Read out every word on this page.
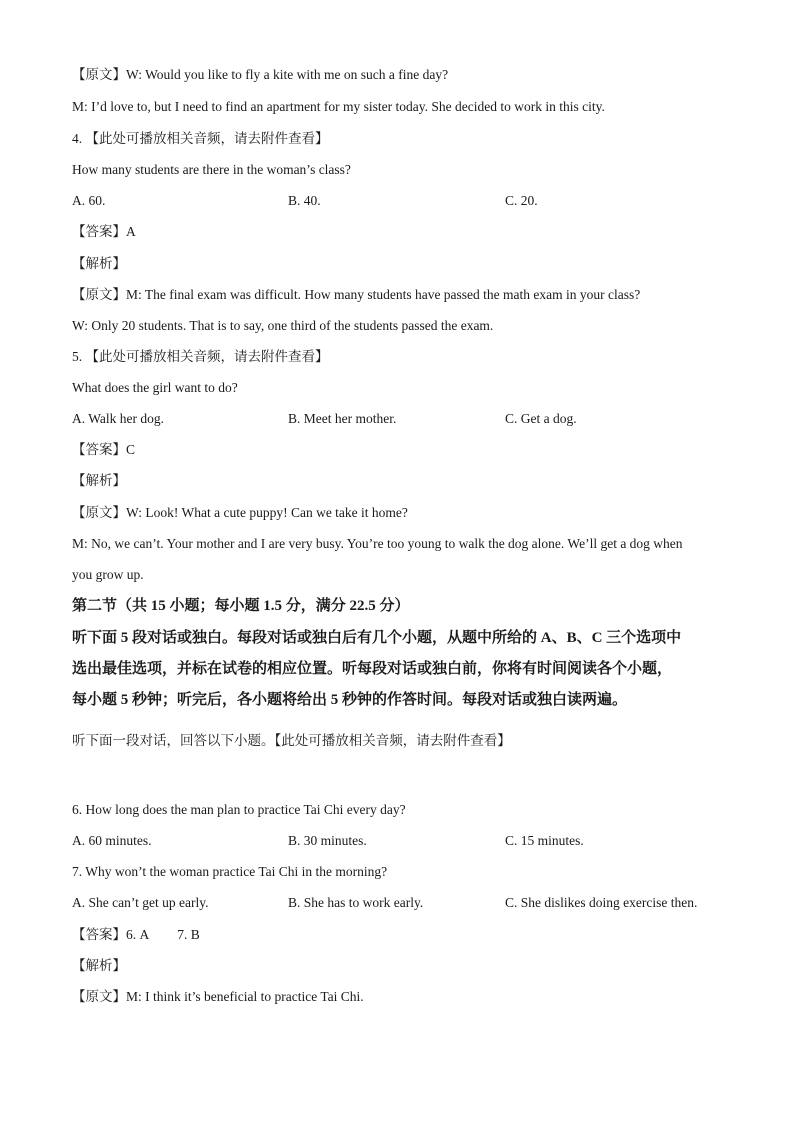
【原文】W: Would you like to fly a kite with me on such a fine day?
M: I’d love to, but I need to find an apartment for my sister today. She decided to work in this city.
4. 【此处可播放相关音频，请去附件查看】
How many students are there in the woman’s class?
A. 60.	B. 40.	C. 20.
【答案】A
【解析】
【原文】M: The final exam was difficult. How many students have passed the math exam in your class?
W: Only 20 students. That is to say, one third of the students passed the exam.
5. 【此处可播放相关音频，请去附件查看】
What does the girl want to do?
A. Walk her dog.	B. Meet her mother.	C. Get a dog.
【答案】C
【解析】
【原文】W: Look! What a cute puppy! Can we take it home?
M: No, we can’t. Your mother and I are very busy. You’re too young to walk the dog alone. We’ll get a dog when
you grow up.
第二节（共 15 小题；每小题 1.5 分，满分 22.5 分）
听下面 5 段对话或独白。每段对话或独白后有几个小题，从题中所给的 A、B、C 三个选项中
选出最佳选项，并标在试卷的相应位置。听每段对话或独白前，你将有时间阅读各个小题，
每小题 5 秒钟；听完后，各小题将给出 5 秒钟的作答时间。每段对话或独白读两遍。
听下面一段对话，回答以下小题。【此处可播放相关音频，请去附件查看】
6. How long does the man plan to practice Tai Chi every day?
A. 60 minutes.	B. 30 minutes.	C. 15 minutes.
7. Why won’t the woman practice Tai Chi in the morning?
A. She can’t get up early.	B. She has to work early.	C. She dislikes doing exercise then.
【答案】6. A 7. B
【解析】
【原文】M: I think it’s beneficial to practice Tai Chi.
